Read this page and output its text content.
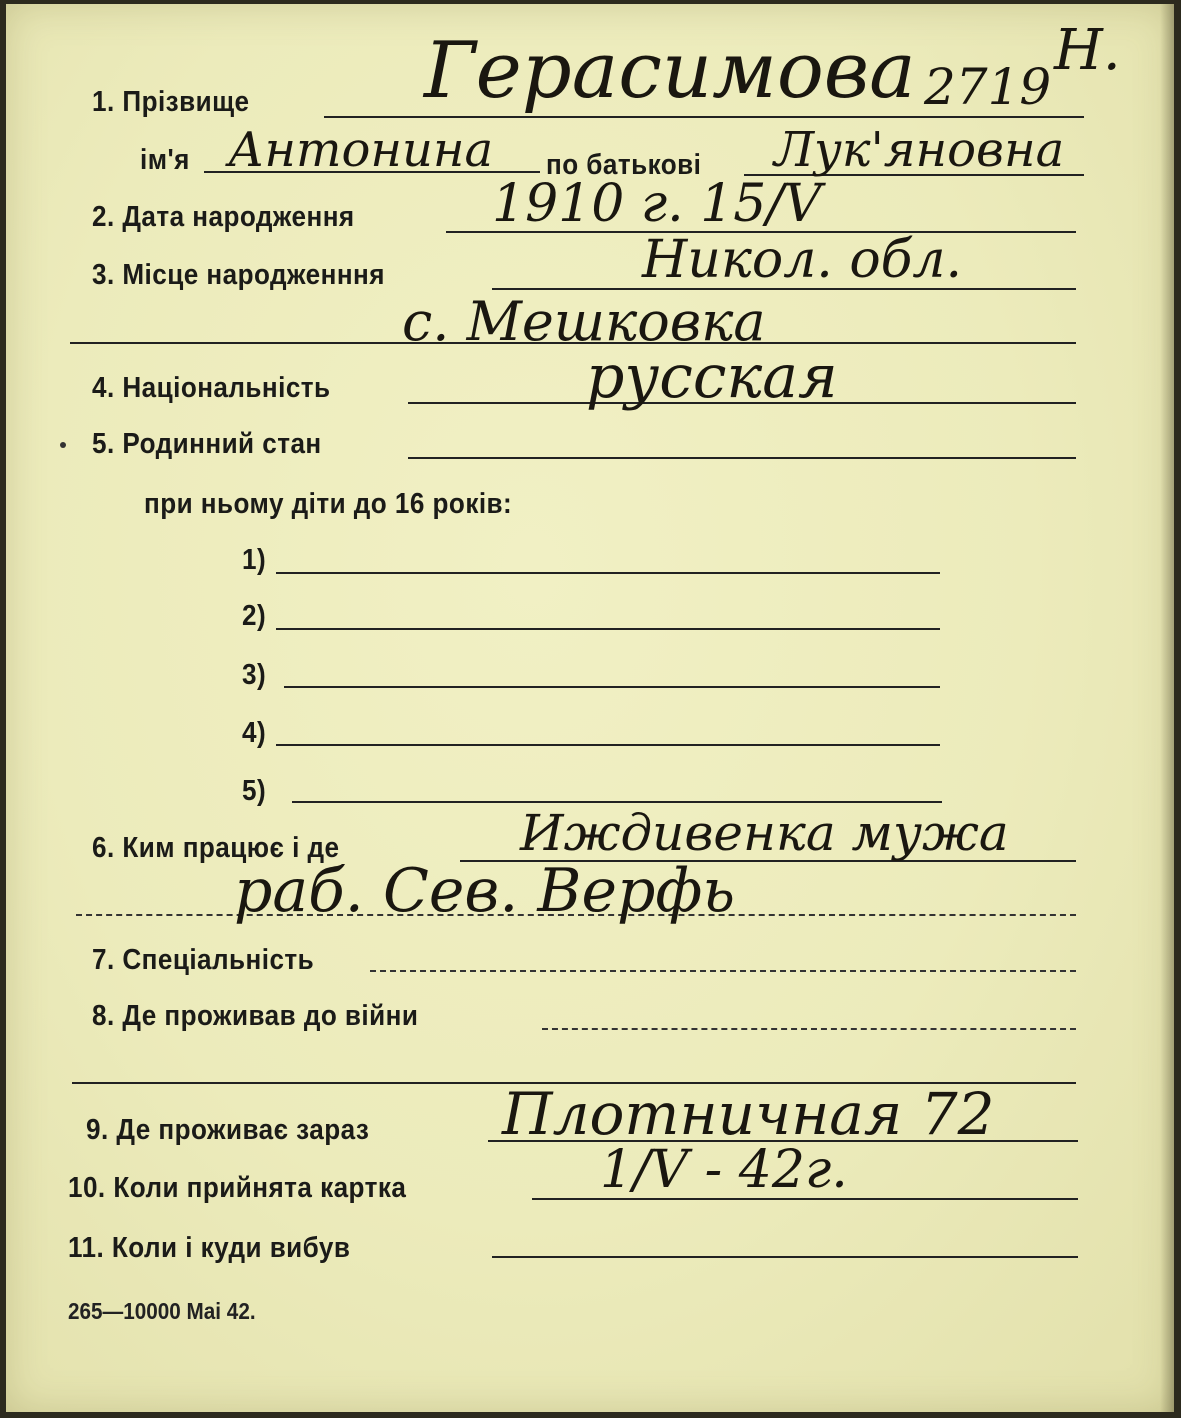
1. Прізвище Герасимова 2719
Н.
ім'я Антонина по батькові Лук'яновна
2. Дата народження	1910 г. 15/V
3. Місце народженння	Никол. обл.
с. Мешковка
4. Національність	русская
5. Родинний стан
при ньому діти до 16 років:
1)
2)
3)
4)
5)
6. Ким працює і де	Иждивенка мужа
раб. Сев. Верфь
7. Спеціальність
8. Де проживав до війни
9. Де проживає зараз Плотничная 72
10. Коли прийнята картка	1/V - 42г.
11. Коли і куди вибув
265—10000 Mai 42.
